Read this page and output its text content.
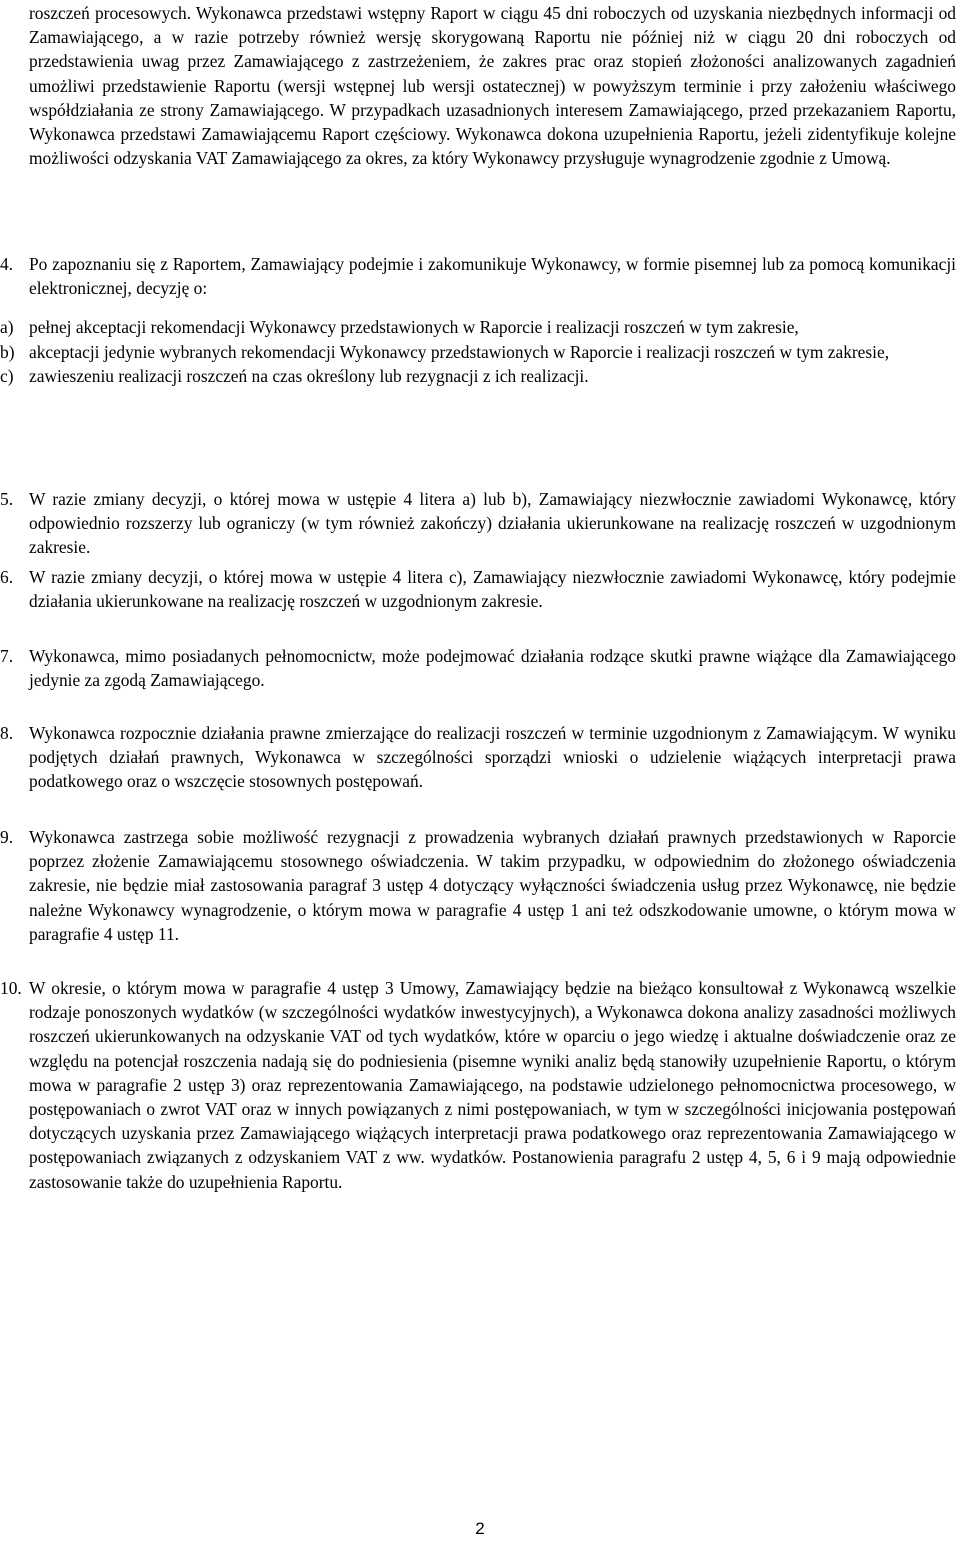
roszczeń procesowych. Wykonawca przedstawi wstępny Raport w ciągu 45 dni roboczych od uzyskania niezbędnych informacji od Zamawiającego, a w razie potrzeby również wersję skorygowaną Raportu nie później niż w ciągu 20 dni roboczych od przedstawienia uwag przez Zamawiającego z zastrzeżeniem, że zakres prac oraz stopień złożoności analizowanych zagadnień umożliwi przedstawienie Raportu (wersji wstępnej lub wersji ostatecznej) w powyższym terminie i przy założeniu właściwego współdziałania ze strony Zamawiającego. W przypadkach uzasadnionych interesem Zamawiającego, przed przekazaniem Raportu, Wykonawca przedstawi Zamawiającemu Raport częściowy. Wykonawca dokona uzupełnienia Raportu, jeżeli zidentyfikuje kolejne możliwości odzyskania VAT Zamawiającego za okres, za który Wykonawcy przysługuje wynagrodzenie zgodnie z Umową.

4. Po zapoznaniu się z Raportem, Zamawiający podejmie i zakomunikuje Wykonawcy, w formie pisemnej lub za pomocą komunikacji elektronicznej, decyzję o:
a) pełnej akceptacji rekomendacji Wykonawcy przedstawionych w Raporcie i realizacji roszczeń w tym zakresie,
b) akceptacji jedynie wybranych rekomendacji Wykonawcy przedstawionych w Raporcie i realizacji roszczeń w tym zakresie,
c) zawieszeniu realizacji roszczeń na czas określony lub rezygnacji z ich realizacji.
5. W razie zmiany decyzji, o której mowa w ustępie 4 litera a) lub b), Zamawiający niezwłocznie zawiadomi Wykonawcę, który odpowiednio rozszerzy lub ograniczy (w tym również zakończy) działania ukierunkowane na realizację roszczeń w uzgodnionym zakresie.
6. W razie zmiany decyzji, o której mowa w ustępie 4 litera c), Zamawiający niezwłocznie zawiadomi Wykonawcę, który podejmie działania ukierunkowane na realizację roszczeń w uzgodnionym zakresie.
7. Wykonawca, mimo posiadanych pełnomocnictw, może podejmować działania rodzące skutki prawne wiążące dla Zamawiającego jedynie za zgodą Zamawiającego.
8. Wykonawca rozpocznie działania prawne zmierzające do realizacji roszczeń w terminie uzgodnionym z Zamawiającym. W wyniku podjętych działań prawnych, Wykonawca w szczególności sporządzi wnioski o udzielenie wiążących interpretacji prawa podatkowego oraz o wszczęcie stosownych postępowań.
9. Wykonawca zastrzega sobie możliwość rezygnacji z prowadzenia wybranych działań prawnych przedstawionych w Raporcie poprzez złożenie Zamawiającemu stosownego oświadczenia. W takim przypadku, w odpowiednim do złożonego oświadczenia zakresie, nie będzie miał zastosowania paragraf 3 ustęp 4 dotyczący wyłączności świadczenia usług przez Wykonawcę, nie będzie należne Wykonawcy wynagrodzenie, o którym mowa w paragrafie 4 ustęp 1 ani też odszkodowanie umowne, o którym mowa w paragrafie 4 ustęp 11.
10. W okresie, o którym mowa w paragrafie 4 ustęp 3 Umowy, Zamawiający będzie na bieżąco konsultował z Wykonawcą wszelkie rodzaje ponoszonych wydatków (w szczególności wydatków inwestycyjnych), a Wykonawca dokona analizy zasadności możliwych roszczeń ukierunkowanych na odzyskanie VAT od tych wydatków, które w oparciu o jego wiedzę i aktualne doświadczenie oraz ze względu na potencjał roszczenia nadają się do podniesienia (pisemne wyniki analiz będą stanowiły uzupełnienie Raportu, o którym mowa w paragrafie 2 ustęp 3) oraz reprezentowania Zamawiającego, na podstawie udzielonego pełnomocnictwa procesowego, w postępowaniach o zwrot VAT oraz w innych powiązanych z nimi postępowaniach, w tym w szczególności inicjowania postępowań dotyczących uzyskania przez Zamawiającego wiążących interpretacji prawa podatkowego oraz reprezentowania Zamawiającego w postępowaniach związanych z odzyskaniem VAT z ww. wydatków. Postanowienia paragrafu 2 ustęp 4, 5, 6 i 9 mają odpowiednie zastosowanie także do uzupełnienia Raportu.
2
